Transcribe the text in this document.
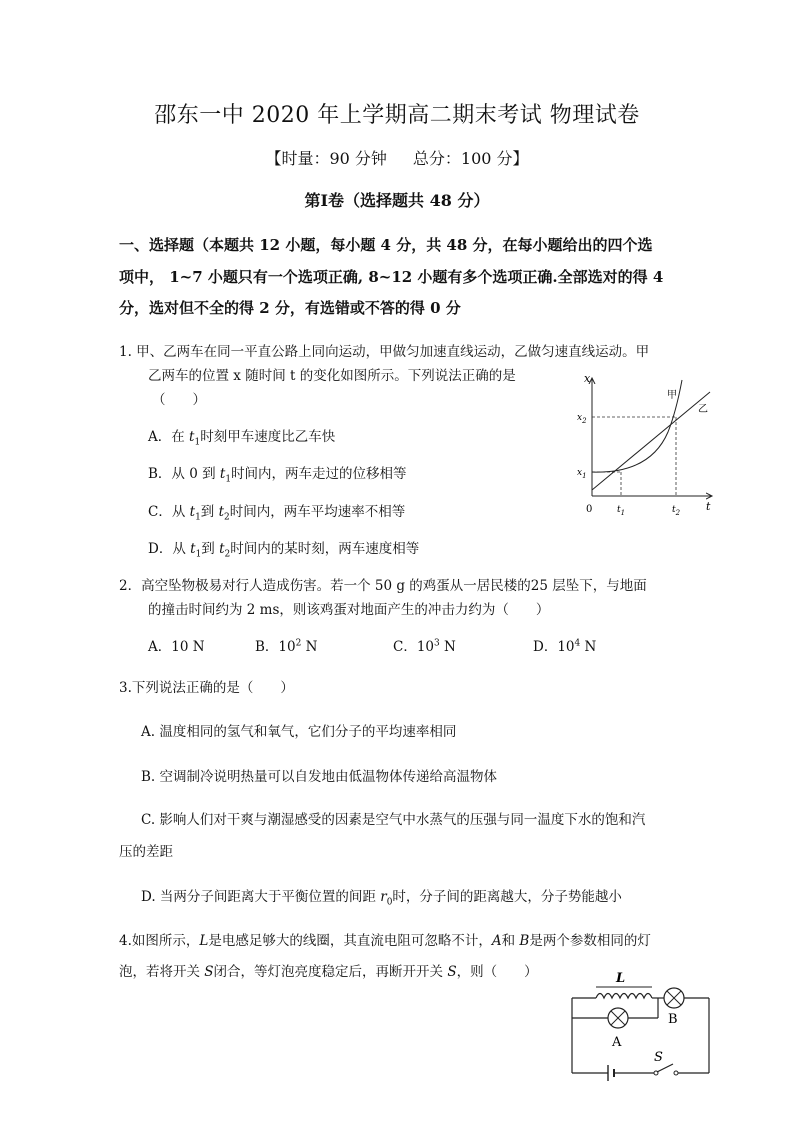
邵东一中 2020 年上学期高二期末考试 物理试卷
【时量：90 分钟 总分：100 分】
第Ⅰ卷（选择题共 48 分）
一、选择题（本题共 12 小题，每小题 4 分，共 48 分，在每小题给出的四个选
项中， 1~7 小题只有一个选项正确, 8~12 小题有多个选项正确.全部选对的得 4
分，选对但不全的得 2 分，有选错或不答的得 0 分
1. 甲、乙两车在同一平直公路上同向运动，甲做匀加速直线运动，乙做匀速直线运动。甲
乙两车的位置 x 随时间 t 的变化如图所示。下列说法正确的是
（　　）
A．在 $t_1$时刻甲车速度比乙车快
B．从 0 到 $t_1$时间内，两车走过的位移相等
C．从 $t_1$到 $t_2$时间内，两车平均速率不相等
D．从 $t_1$到 $t_2$时间内的某时刻，两车速度相等
x
t
0
$x_2$
$x_1$
$t_1$	$t_2$
甲
乙
2．高空坠物极易对行人造成伤害。若一个 50 g 的鸡蛋从一居民楼的25 层坠下，与地面
的撞击时间约为 2 ms，则该鸡蛋对地面产生的冲击力约为（　　）
A．10 N	B．$10^2$ N	C．$10^3$ N	D．$10^4$ N
3.下列说法正确的是（　　）
A. 温度相同的氢气和氧气，它们分子的平均速率相同
B. 空调制冷说明热量可以自发地由低温物体传递给高温物体
C. 影响人们对干爽与潮湿感受的因素是空气中水蒸气的压强与同一温度下水的饱和汽
压的差距
D. 当两分子间距离大于平衡位置的间距 $r_0$时，分子间的距离越大，分子势能越小
4.如图所示，L是电感足够大的线圈，其直流电阻可忽略不计，A和 B是两个参数相同的灯
泡，若将开关 S闭合，等灯泡亮度稳定后，再断开开关 S，则（　　）	L
B
A
S
